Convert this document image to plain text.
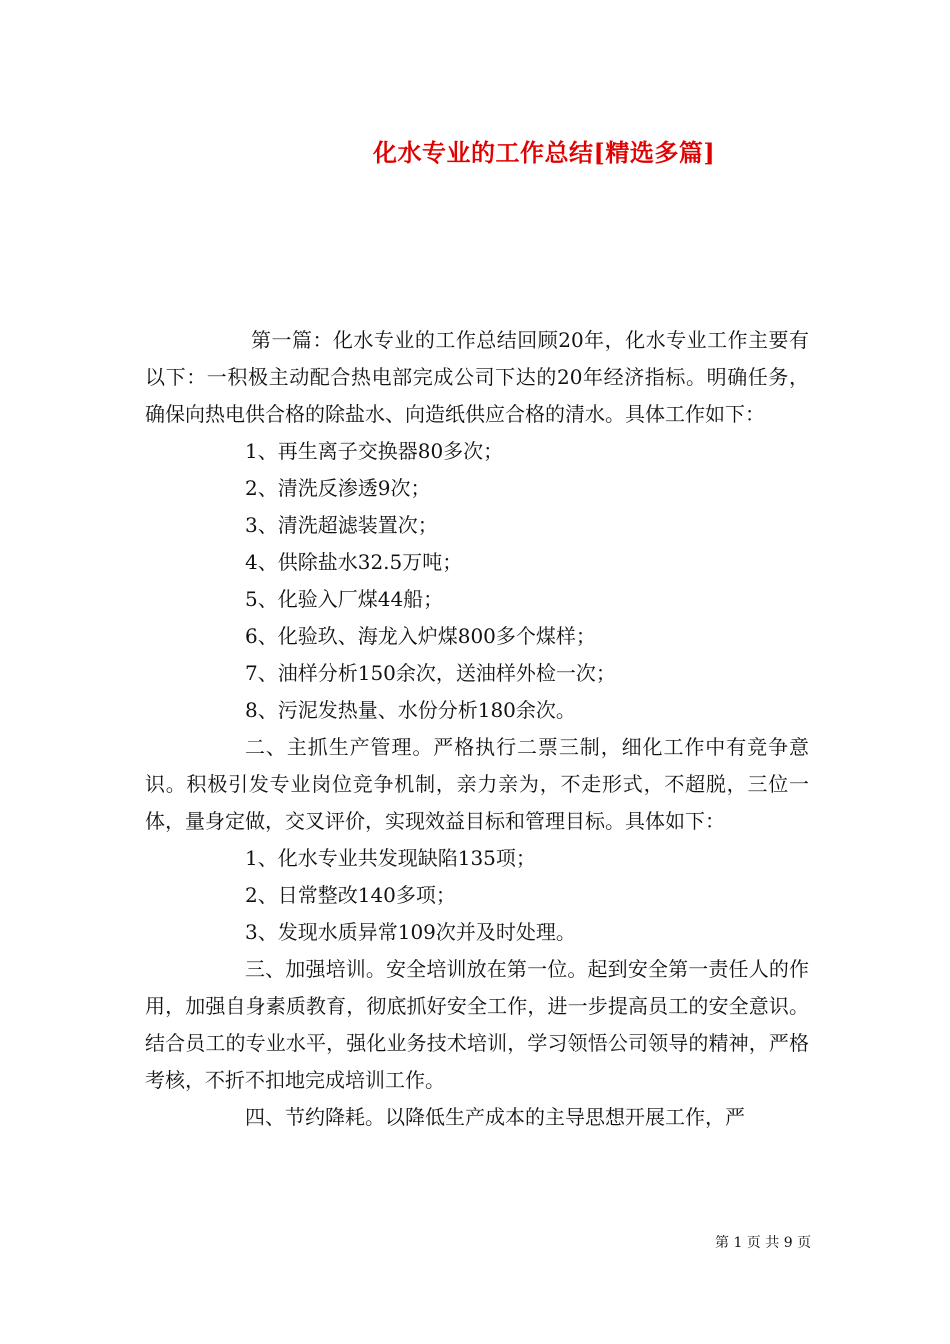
化水专业的工作总结[精选多篇]

第一篇：化水专业的工作总结回顾20年，化水专业工作主要有以下：一积极主动配合热电部完成公司下达的20年经济指标。明确任务，确保向热电供合格的除盐水、向造纸供应合格的清水。具体工作如下：

1、再生离子交换器80多次；

2、清洗反渗透9次；

3、清洗超滤装置次；

4、供除盐水32.5万吨；

5、化验入厂煤44船；

6、化验玖、海龙入炉煤800多个煤样；

7、油样分析150余次，送油样外检一次；

8、污泥发热量、水份分析180余次。

二、主抓生产管理。严格执行二票三制，细化工作中有竞争意识。积极引发专业岗位竞争机制，亲力亲为，不走形式，不超脱，三位一体，量身定做，交叉评价，实现效益目标和管理目标。具体如下：

1、化水专业共发现缺陷135项；

2、日常整改140多项；

3、发现水质异常109次并及时处理。

三、加强培训。安全培训放在第一位。起到安全第一责任人的作用，加强自身素质教育，彻底抓好安全工作，进一步提高员工的安全意识。结合员工的专业水平，强化业务技术培训，学习领悟公司领导的精神，严格考核，不折不扣地完成培训工作。

四、节约降耗。以降低生产成本的主导思想开展工作，严

第 1 页 共 9 页
